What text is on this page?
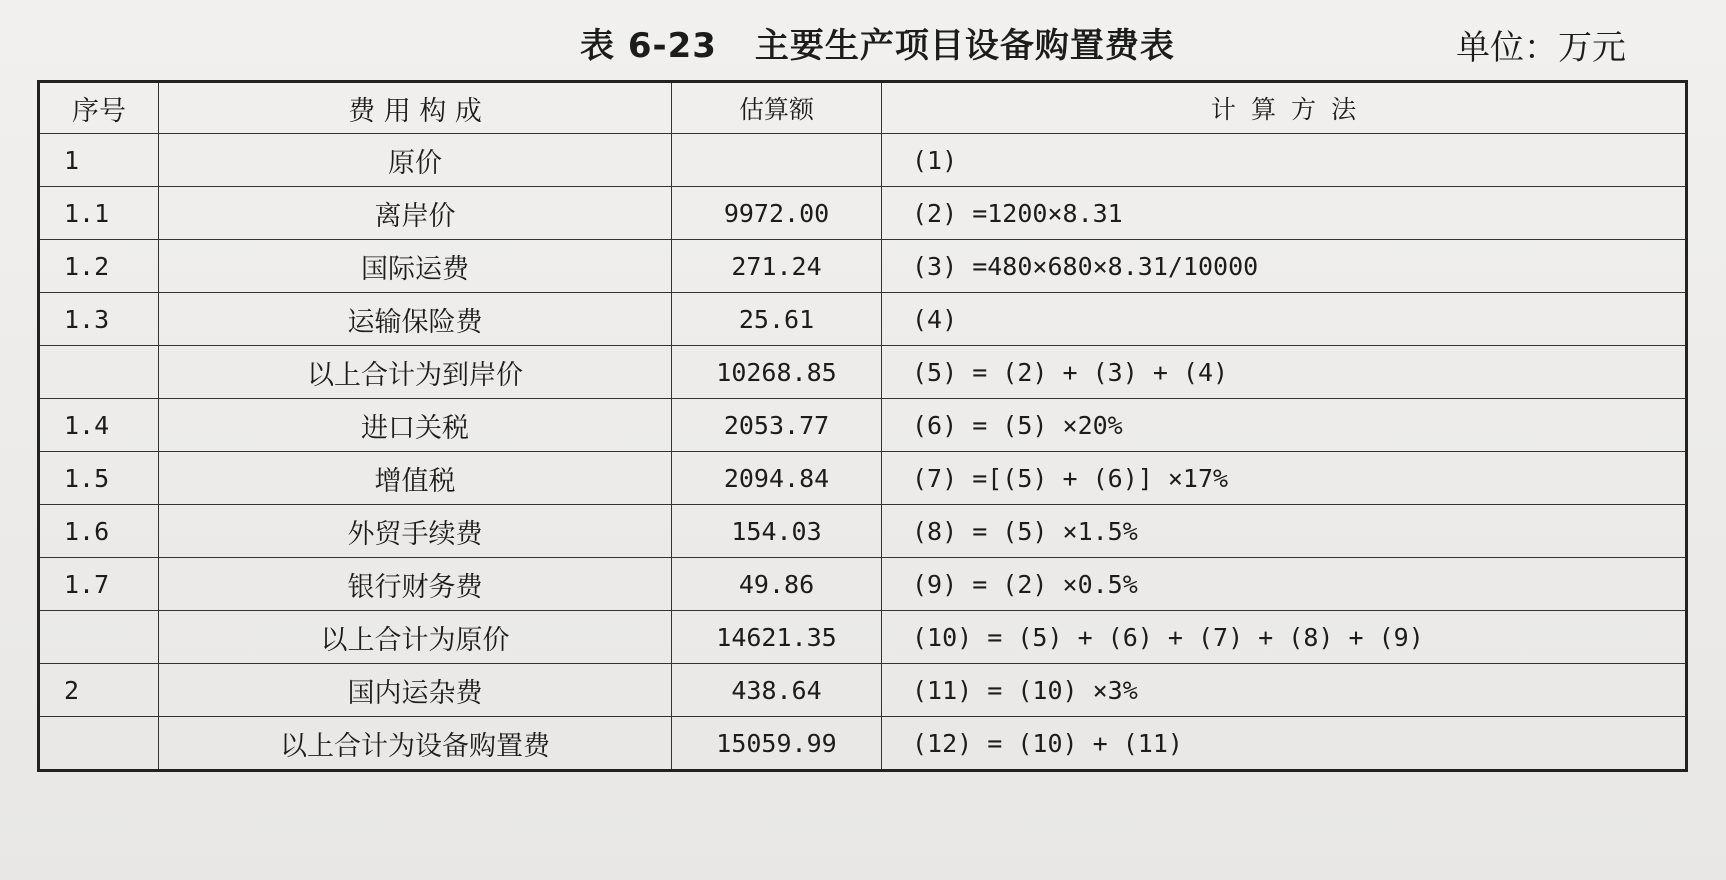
表 6-23 主要生产项目设备购置费表	单位：万元
序号	费 用 构 成	估算额	计 算 方 法
1	原价		(1)
1.1	离岸价	9972.00	(2) =1200×8.31
1.2	国际运费	271.24	(3) =480×680×8.31/10000
1.3	运输保险费	25.61	(4)
	以上合计为到岸价	10268.85	(5) = (2) + (3) + (4)
1.4	进口关税	2053.77	(6) = (5) ×20%
1.5	增值税	2094.84	(7) =[(5) + (6)] ×17%
1.6	外贸手续费	154.03	(8) = (5) ×1.5%
1.7	银行财务费	49.86	(9) = (2) ×0.5%
	以上合计为原价	14621.35	(10) = (5) + (6) + (7) + (8) + (9)
2	国内运杂费	438.64	(11) = (10) ×3%
	以上合计为设备购置费	15059.99	(12) = (10) + (11)
